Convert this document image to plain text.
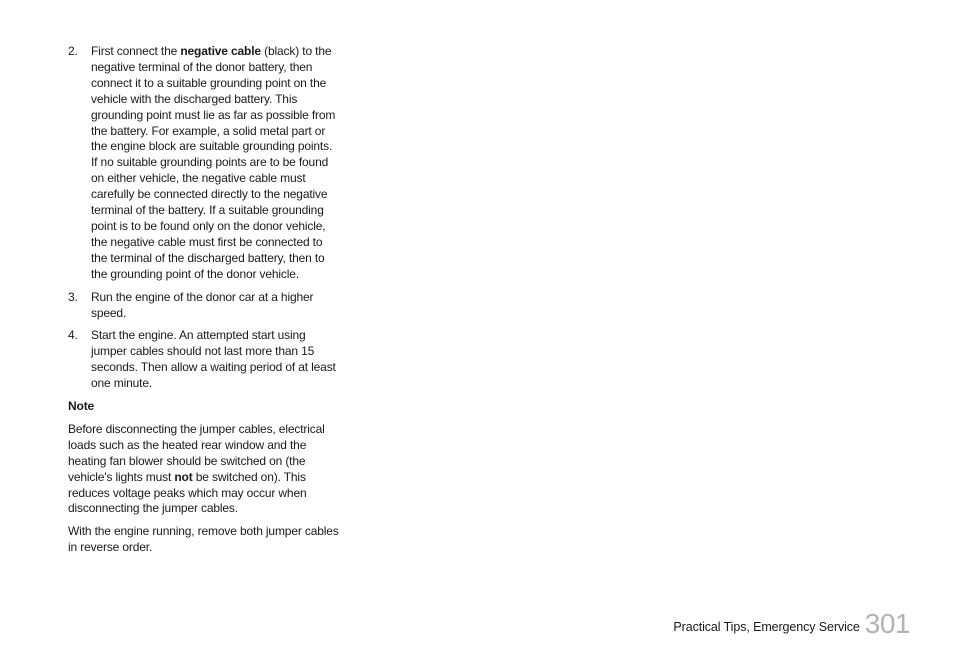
2. First connect the negative cable (black) to the negative terminal of the donor battery, then connect it to a suitable grounding point on the vehicle with the discharged battery. This grounding point must lie as far as possible from the battery. For example, a solid metal part or the engine block are suitable grounding points. If no suitable grounding points are to be found on either vehicle, the negative cable must carefully be connected directly to the negative terminal of the battery. If a suitable grounding point is to be found only on the donor vehicle, the negative cable must first be connected to the terminal of the discharged battery, then to the grounding point of the donor vehicle.
3. Run the engine of the donor car at a higher speed.
4. Start the engine. An attempted start using jumper cables should not last more than 15 seconds. Then allow a waiting period of at least one minute.
Note

Before disconnecting the jumper cables, electrical loads such as the heated rear window and the heating fan blower should be switched on (the vehicle's lights must not be switched on). This reduces voltage peaks which may occur when disconnecting the jumper cables.

With the engine running, remove both jumper cables in reverse order.

Practical Tips, Emergency Service 301
